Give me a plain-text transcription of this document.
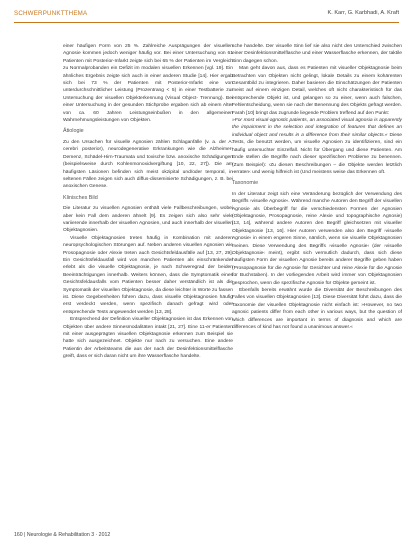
SCHWERPUNKTTHEMA	K. Karr, G. Karbhadi, A. Kraft

einer häufigen Form von 25 %. Zahlreiche Ausprägungen der visuellen Agnosie kommen jedoch weniger häufig vor. Bei einer Untersuchung von 61 Patienten mit Posterior-Infarkt zeigte sich bei 65 % der Patienten im Vergleich zu Normalprobanden ein Defizit im modalen visuellen Erkennen [vgl. 19]. Ein ähnliches Ergebnis zeigte sich auch in einer anderen Studie [14]. Hier ergab sich bei 73 % der Patienten mit Posterior-Infarkt eine von unterdurchschnittlicher Leistung (Prozentrang < 5) in einer Testbatterie zur Untersuchung der visuellen Objekterkennung (Visual Object- Trennung). Bei einer Untersuchung in der gesunden Stichprobe ergaben sich ab einem Alter von ca. 60 Jahren Leistungseinbußen in den allgemeinen Wahrnehmungsleistungen von Objekten.

Ätiologie

Zu den Ursachen für visuelle Agnosien zählen Schlaganfälle (v. a. der A. cerebri posterior), neurodegenerative Erkrankungen wie die Alzheimer-Demenz, Schädel-Hirn-Traumata und toxische bzw. anoxische Schädigungen (beispielsweise durch Kohlenmonoxidvergiftung [10, 22, 27]). Die am häufigsten Läsionen befinden sich meist okzipital und/oder temporal, in seltenen Fällen zeigen sich auch diffus-disseminierte Schädigungen, z. B. bei anoxischen Genese.

Klinisches Bild

Die Literatur zu visuellen Agnosien enthält viele Fallbeschreibungen, wobei aber kein Fall dem anderen ähnelt [9]. Es zeigen sich also sehr viele variierende innerhalb der visuellen Agnosien, und auch innerhalb der visuellen Objektagnosien.

Visuelle Objektagnosien treten häufig in Kombination mit anderen neuropsychologischen Störungen auf. Neben anderen visuellen Agnosien wie Prosopagnosie oder Alexie treten auch Gesichtsfeldausfälle auf [13, 27, 29]. Ein Gesichtsfeldausfall wird von manchen Patienten als einschränkender erlebt als die visuelle Objektagnosie, je nach Schweregrad der beiden Beeinträchtigungen innerhalb. Weiters können, dass die Symptomatik eines Gesichtsfeldausfalls vom Patienten besser daher verständlich ist als die Symptomatik der visuellen Objektagnosie, da diese leichter in Worte zu fassen ist. Diese Gegebenheiten führen dazu, dass visuelle Objektagnosien häufig erst verdeckt werden, wenn spezifisch danach gefragt wird oder entsprechende Tests angewendet werden [13, 28].

Entsprechend der Definition visueller Objektagnosien ist das Erkennen von Objekten über andere Sinnesmodalitäten intakt [21, 27]. Eine 11-er Patienten mit einer ausgeprägten visuellen Objektagnosie erkennen zum Beispiel sie hatte sich ausgezeichnet. Objekte nur nach zu versuchen. Eine andere Patientin der Arbeitsteams die aus der nach der Desinfektionsmittelflasche greift, dass er sich daran nicht um ihre Wasserflasche handelte.

sche handelte. Der visuelle Sinn lief sie also nicht den Unterschied zwischen einer Desinfektionsmittelflasche und einer Wasserflasche erkennen, der taktile Sinn dagegen schon.

Man geht davon aus, dass es Patienten mit visueller Objektagnosie beim Betrachten von Objekten nicht gelingt, lokale Details zu einem kohärenten Gesamtbild zu integrieren. Daher basieren die Einschätzungen der Patienten meist auf einem einzigen Detail, welches oft nicht charakteristisch für das entsprechende Objekt ist, und gelangen so zu einer, wenn auch falschen, Fehlentscheidung, wenn sie nach der Benennung des Objekts gefragt werden. Farah [10] bringt das zugrunde liegende Problem treffend auf den Punkt:

»For most visual-agnostic patients, an associated visual agnosia is apparently the impairment in the selection and integration of features that defines an individual object and results in a difference from their similar objects.« Diese Tests, die benutzt werden, um visuelle Agnosien zu identifizieren, sind ein häufig untersuchter Einzelfall. Nicht für Übergang und diese Patienten. Am Ende stellen die Begriffe nach dieser spezifischen Probleme zu benennen. (Zum Beispiel): ›Zu diesen Beschreibungen – die Objekte werden letztlich ›erraten‹ und wenig hilfreich ist (Und meistens weise das Erkennen oft.

Taxonomie

In der Literatur zeigt sich eine Veränderung bezüglich der Verwendung des Begriffs ›visuelle Agnosie‹. Während manche Autoren den Begriff der visuellen Agnosie als Überbegriff für die verschiedensten Formen der Agnosien (Objektagnosie, Prosopagnosie, reine Alexie und topographische Agnosie) [13, 14], während andere Autoren den Begriff gleichsetzen mit visueller Objektagnosie [13, 16]. Hier Autoren verwenden also den Begriff ›visuelle Agnosie‹ in einem engeren Sinne, nämlich, wenn sie visuelle Objektagnosien meinen. Diese Verwendung des Begriffs ›visuelle Agnosie‹ (der ›visuelle Objektagnosie‹ meint), ergibt sich vermutlich dadurch, dass sich diese häufigsten Form der visuellen Agnosie bereits anderer Begriffe geben haben (Prosopagnosie für die Agnosie für Gesichter und reine Alexie für die Agnosie für Buchstaben). In der vorliegenden Arbeit wird immer von Objektagnosien gesprochen, wenn die spezifische Agnosie für Objekte gemeint ist.

Ebenfalls bereits erwähnt wurde die Diversität der Beschreibungen des Falles von visuellen Objektagnosien [13]. Diese Diversität führt dazu, dass die Taxonomie der visuellen Objektagnosie nicht einfach ist: »However, no two agnosic patients differ from each other in various ways, but the question of which differences are important in terms of diagnosis and which are differences of kind has not found a unanimous answer.«

160 | Neurologie & Rehabilitation 3 · 2012
